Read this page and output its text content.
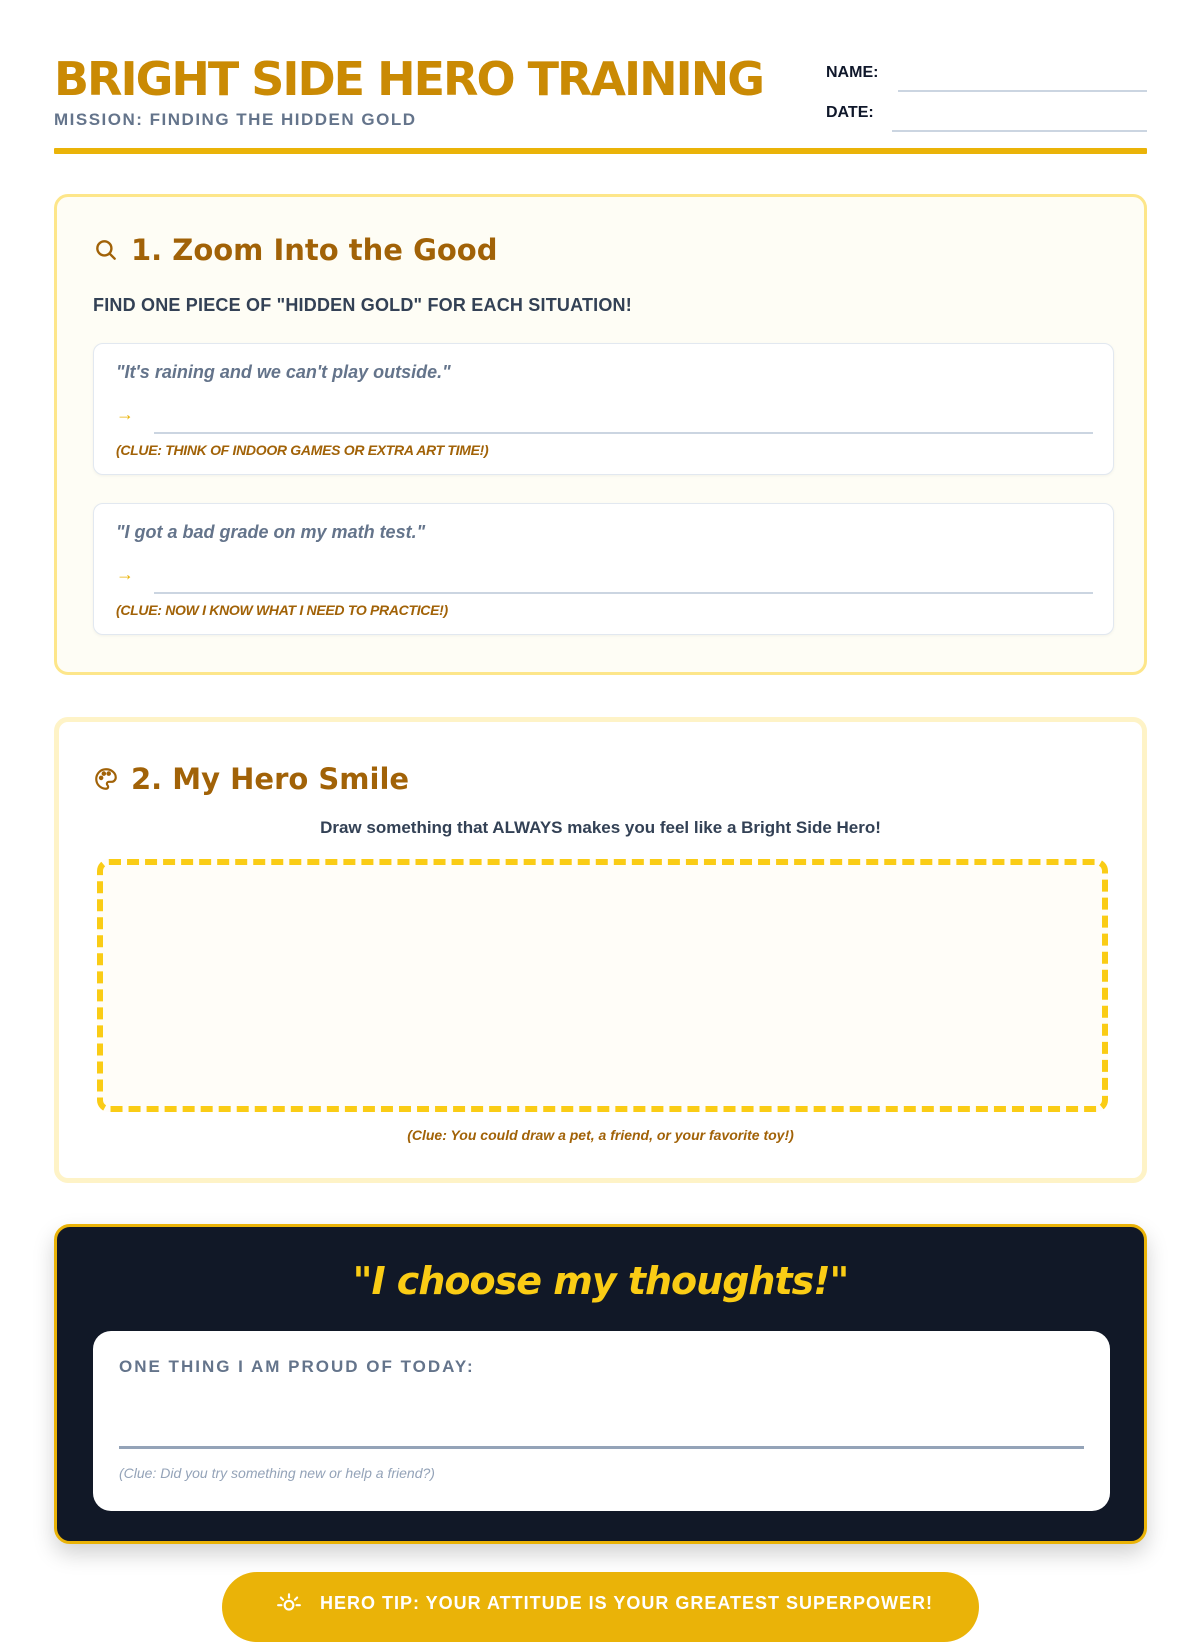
BRIGHT SIDE HERO TRAINING
MISSION: FINDING THE HIDDEN GOLD
NAME:
DATE:
1. Zoom Into the Good
FIND ONE PIECE OF "HIDDEN GOLD" FOR EACH SITUATION!
"It's raining and we can't play outside."
→
(CLUE: THINK OF INDOOR GAMES OR EXTRA ART TIME!)
"I got a bad grade on my math test."
→
(CLUE: NOW I KNOW WHAT I NEED TO PRACTICE!)
2. My Hero Smile
Draw something that ALWAYS makes you feel like a Bright Side Hero!
(Clue: You could draw a pet, a friend, or your favorite toy!)
"I choose my thoughts!"
ONE THING I AM PROUD OF TODAY:
(Clue: Did you try something new or help a friend?)
HERO TIP: YOUR ATTITUDE IS YOUR GREATEST SUPERPOWER!
